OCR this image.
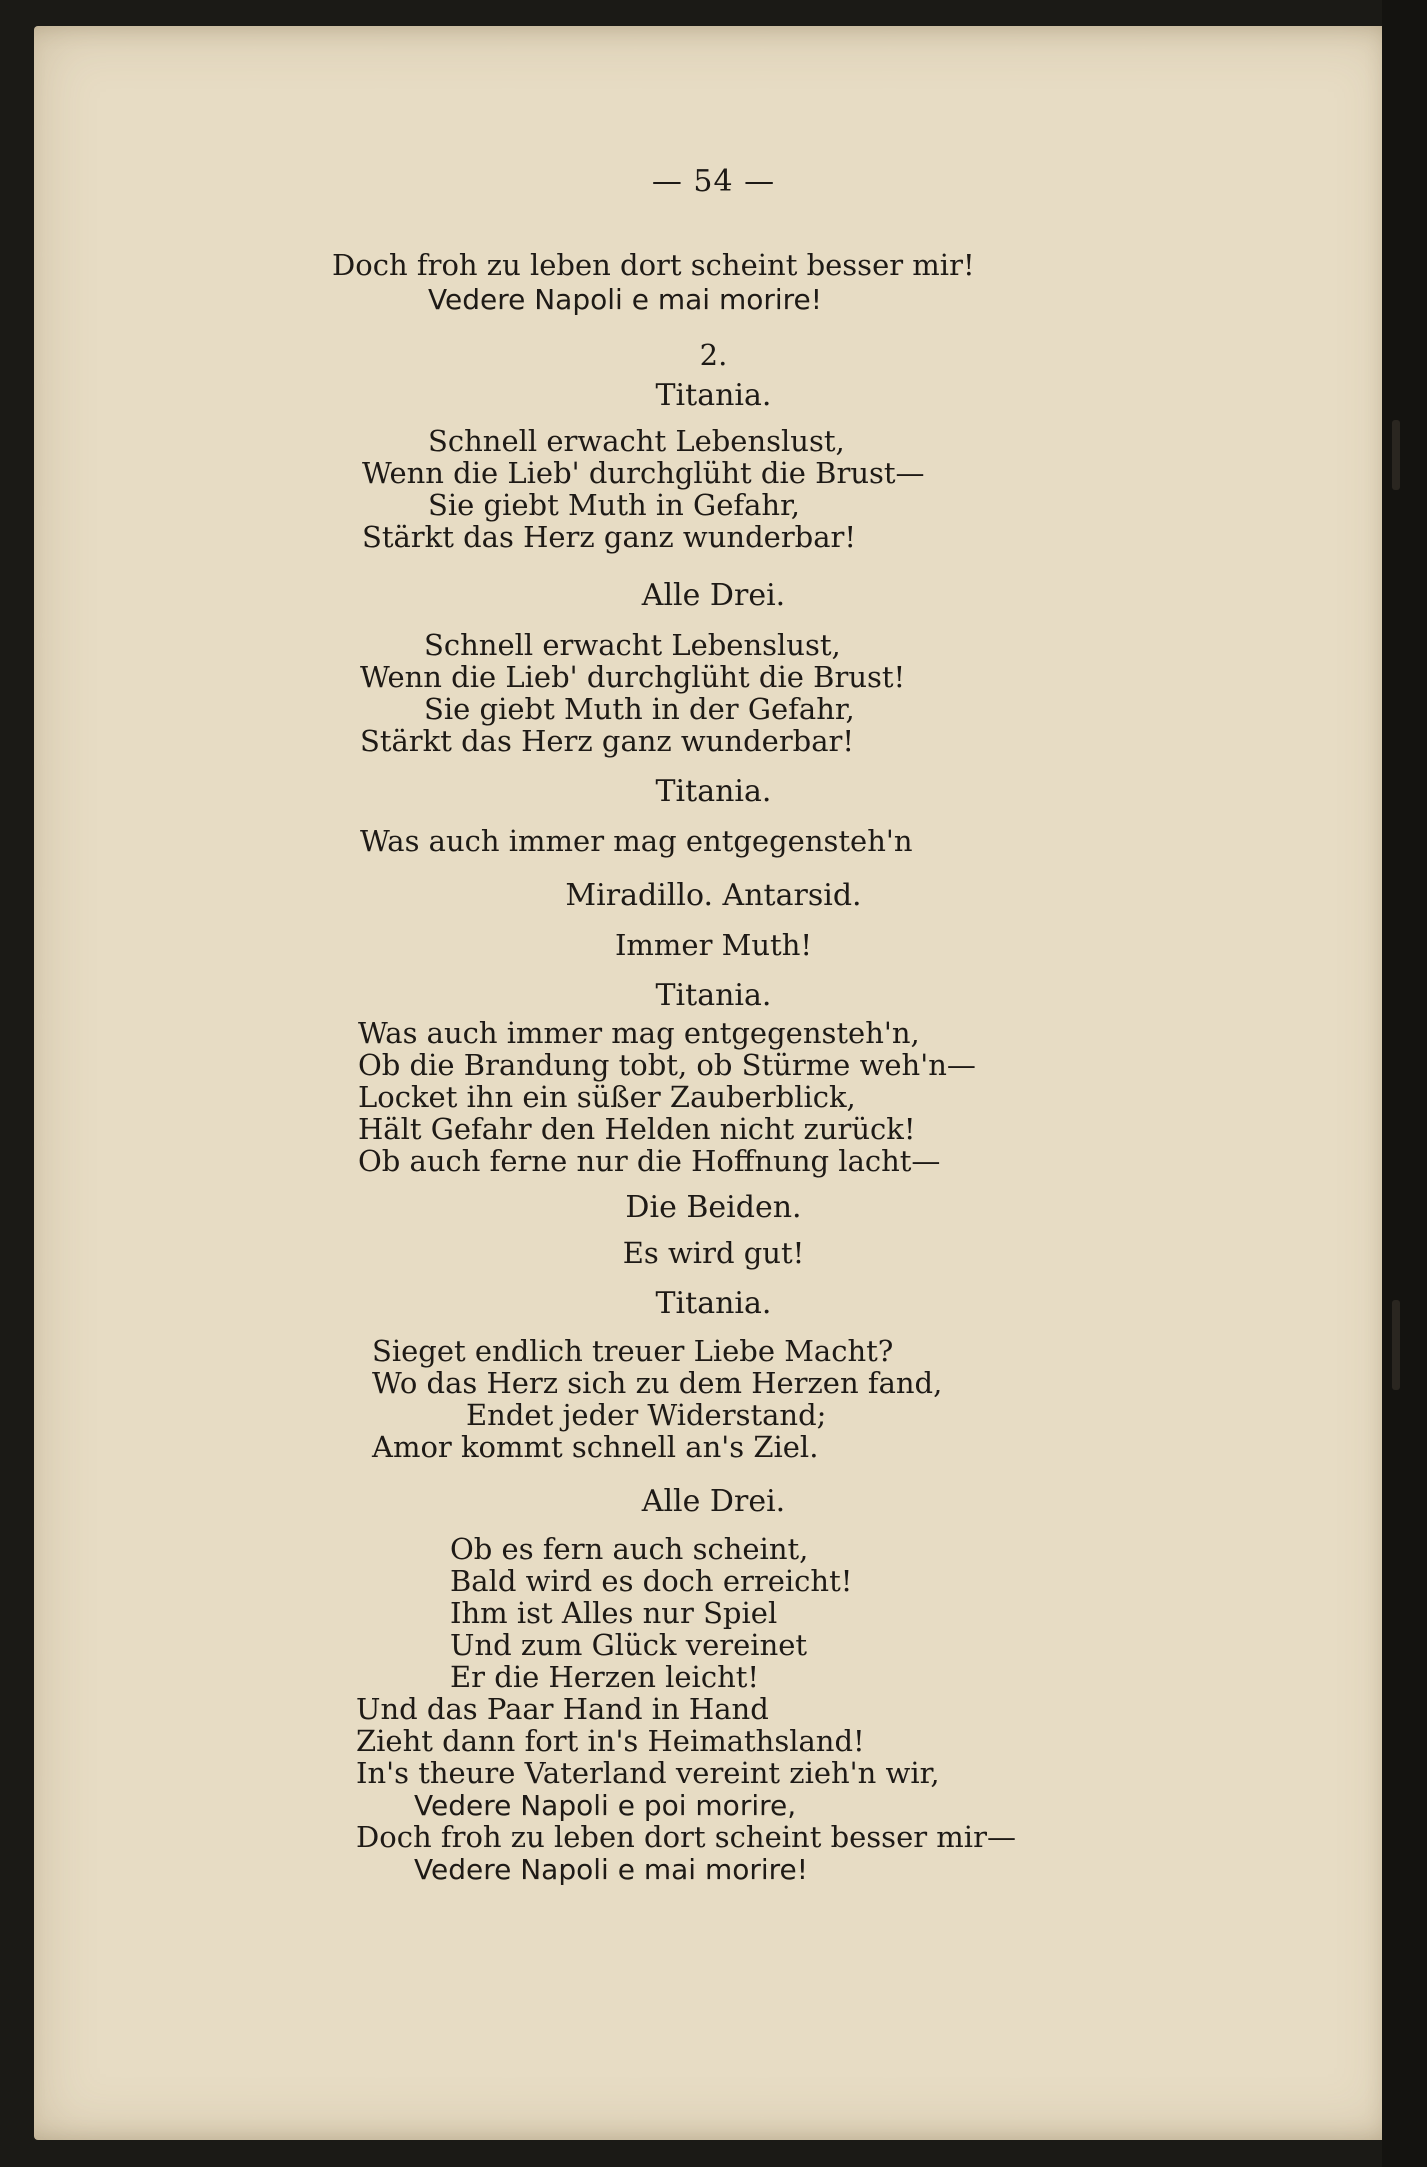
— 54 —
Doch froh zu leben dort scheint besser mir!
Vedere Napoli e mai morire!
2.
Titania.
Schnell erwacht Lebenslust,
Wenn die Lieb' durchglüht die Brust—
Sie giebt Muth in Gefahr,
Stärkt das Herz ganz wunderbar!
Alle Drei.
Schnell erwacht Lebenslust,
Wenn die Lieb' durchglüht die Brust!
Sie giebt Muth in der Gefahr,
Stärkt das Herz ganz wunderbar!
Titania.
Was auch immer mag entgegensteh'n
Miradillo. Antarsid.
Immer Muth!
Titania.
Was auch immer mag entgegensteh'n,
Ob die Brandung tobt, ob Stürme weh'n—
Locket ihn ein süßer Zauberblick,
Hält Gefahr den Helden nicht zurück!
Ob auch ferne nur die Hoffnung lacht—
Die Beiden.
Es wird gut!
Titania.
Sieget endlich treuer Liebe Macht?
Wo das Herz sich zu dem Herzen fand,
Endet jeder Widerstand;
Amor kommt schnell an's Ziel.
Alle Drei.
Ob es fern auch scheint,
Bald wird es doch erreicht!
Ihm ist Alles nur Spiel
Und zum Glück vereinet
Er die Herzen leicht!
Und das Paar Hand in Hand
Zieht dann fort in's Heimathsland!
In's theure Vaterland vereint zieh'n wir,
Vedere Napoli e poi morire,
Doch froh zu leben dort scheint besser mir—
Vedere Napoli e mai morire!
